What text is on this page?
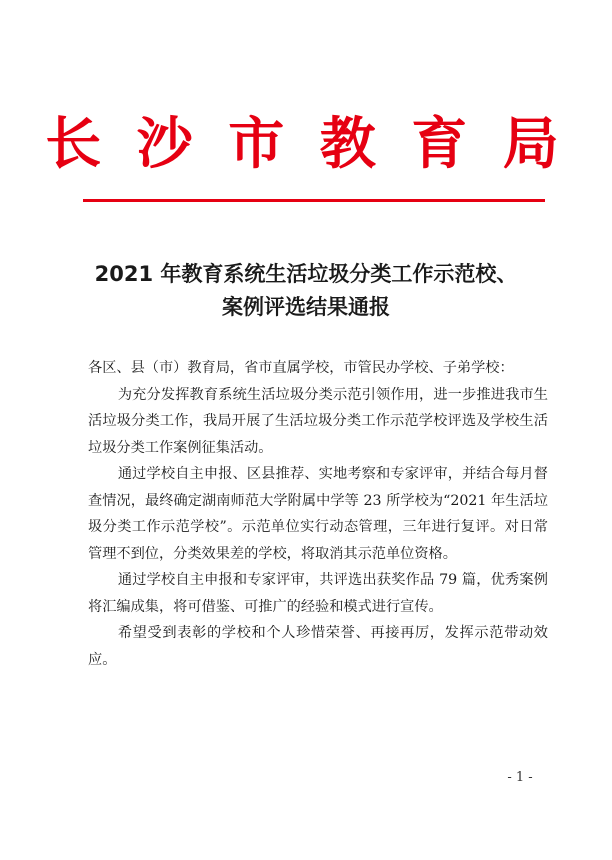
长 沙 市 教 育 局
2021 年教育系统生活垃圾分类工作示范校、
案例评选结果通报

各区、县（市）教育局，省市直属学校，市管民办学校、子弟学校：

为充分发挥教育系统生活垃圾分类示范引领作用，进一步推进我市生活垃圾分类工作，我局开展了生活垃圾分类工作示范学校评选及学校生活垃圾分类工作案例征集活动。

通过学校自主申报、区县推荐、实地考察和专家评审，并结合每月督查情况，最终确定湖南师范大学附属中学等 23 所学校为“2021 年生活垃圾分类工作示范学校”。示范单位实行动态管理，三年进行复评。对日常管理不到位，分类效果差的学校，将取消其示范单位资格。

通过学校自主申报和专家评审，共评选出获奖作品 79 篇，优秀案例将汇编成集，将可借鉴、可推广的经验和模式进行宣传。

希望受到表彰的学校和个人珍惜荣誉、再接再厉，发挥示范带动效应。

- 1 -
